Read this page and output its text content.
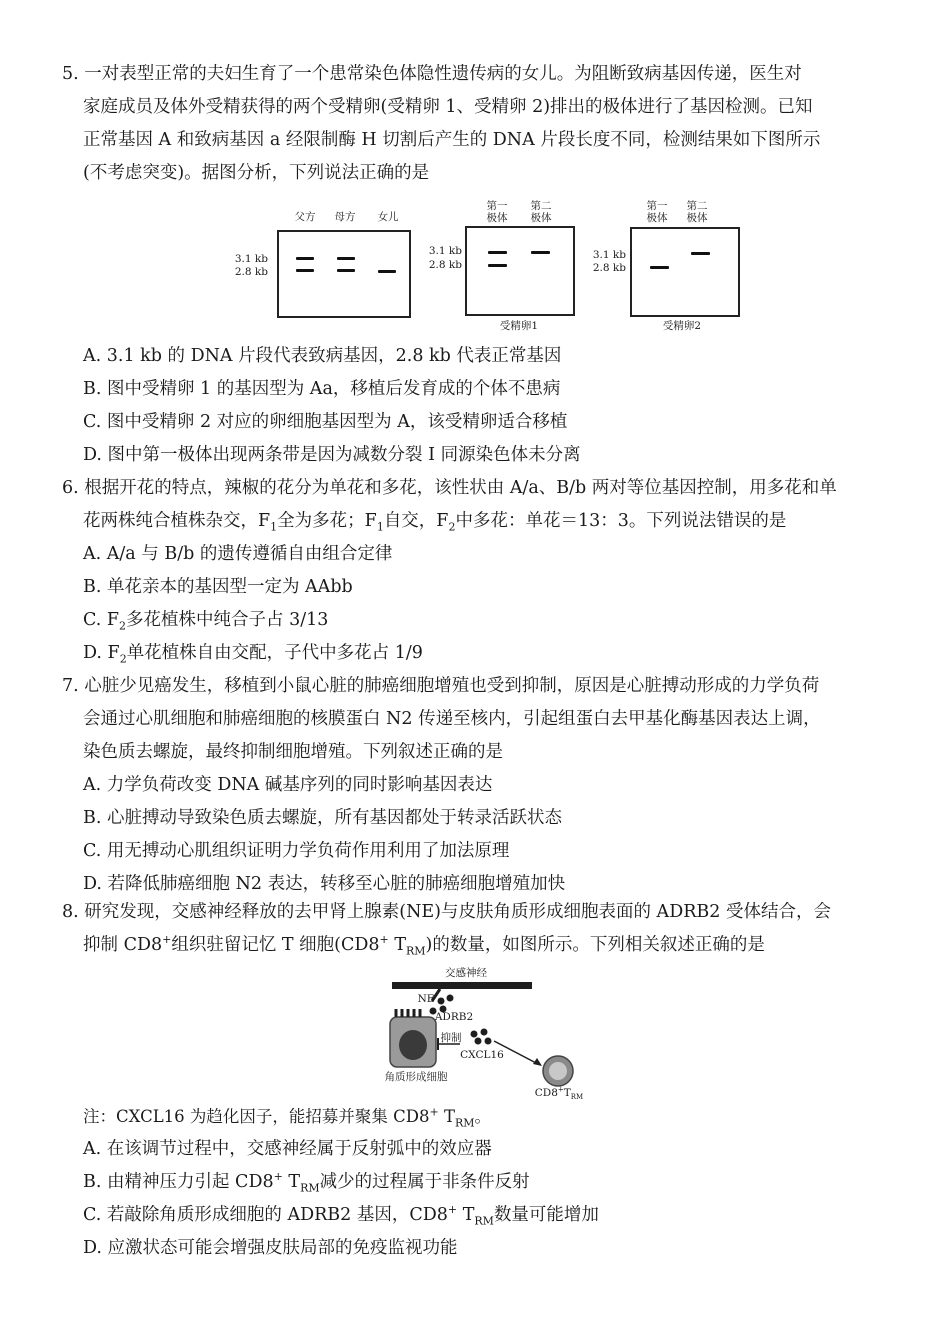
5. 一对表型正常的夫妇生育了一个患常染色体隐性遗传病的女儿。为阻断致病基因传递，医生对
家庭成员及体外受精获得的两个受精卵(受精卵 1、受精卵 2)排出的极体进行了基因检测。已知
正常基因 A 和致病基因 a 经限制酶 H 切割后产生的 DNA 片段长度不同，检测结果如下图所示
(不考虑突变)。据图分析，下列说法正确的是
3.1 kb
2.8 kb
父方	母方	女儿
3.1 kb
2.8 kb
第一
极体
第二
极体
受精卵1
3.1 kb
2.8 kb
第一
极体
第二
极体
受精卵2
A. 3.1 kb 的 DNA 片段代表致病基因，2.8 kb 代表正常基因
B. 图中受精卵 1 的基因型为 Aa，移植后发育成的个体不患病
C. 图中受精卵 2 对应的卵细胞基因型为 A，该受精卵适合移植
D. 图中第一极体出现两条带是因为减数分裂 Ⅰ 同源染色体未分离
6. 根据开花的特点，辣椒的花分为单花和多花，该性状由 A/a、B/b 两对等位基因控制，用多花和单
花两株纯合植株杂交，$F_1$全为多花；$F_1$自交，$F_2$中多花：单花＝13：3。下列说法错误的是
A. A/a 与 B/b 的遗传遵循自由组合定律
B. 单花亲本的基因型一定为 AAbb
C. $F_2$多花植株中纯合子占 3/13
D. $F_2$单花植株自由交配，子代中多花占 1/9
7. 心脏少见癌发生，移植到小鼠心脏的肺癌细胞增殖也受到抑制，原因是心脏搏动形成的力学负荷
会通过心肌细胞和肺癌细胞的核膜蛋白 N2 传递至核内，引起组蛋白去甲基化酶基因表达上调，
染色质去螺旋，最终抑制细胞增殖。下列叙述正确的是
A. 力学负荷改变 DNA 碱基序列的同时影响基因表达
B. 心脏搏动导致染色质去螺旋，所有基因都处于转录活跃状态
C. 用无搏动心肌组织证明力学负荷作用利用了加法原理
D. 若降低肺癌细胞 N2 表达，转移至心脏的肺癌细胞增殖加快
8. 研究发现，交感神经释放的去甲肾上腺素(NE)与皮肤角质形成细胞表面的 ADRB2 受体结合，会
抑制 CD8+组织驻留记忆 T 细胞(CD8+ $T_{RM}$)的数量，如图所示。下列相关叙述正确的是
交感神经
NE
ADRB2
抑制
CXCL16
角质形成细胞
$CD8^+T_{RM}$
注：CXCL16 为趋化因子，能招募并聚集 CD8+ $T_{RM}$。
A. 在该调节过程中，交感神经属于反射弧中的效应器
B. 由精神压力引起 CD8+ $T_{RM}$减少的过程属于非条件反射
C. 若敲除角质形成细胞的 ADRB2 基因，CD8+ $T_{RM}$数量可能增加
D. 应激状态可能会增强皮肤局部的免疫监视功能
